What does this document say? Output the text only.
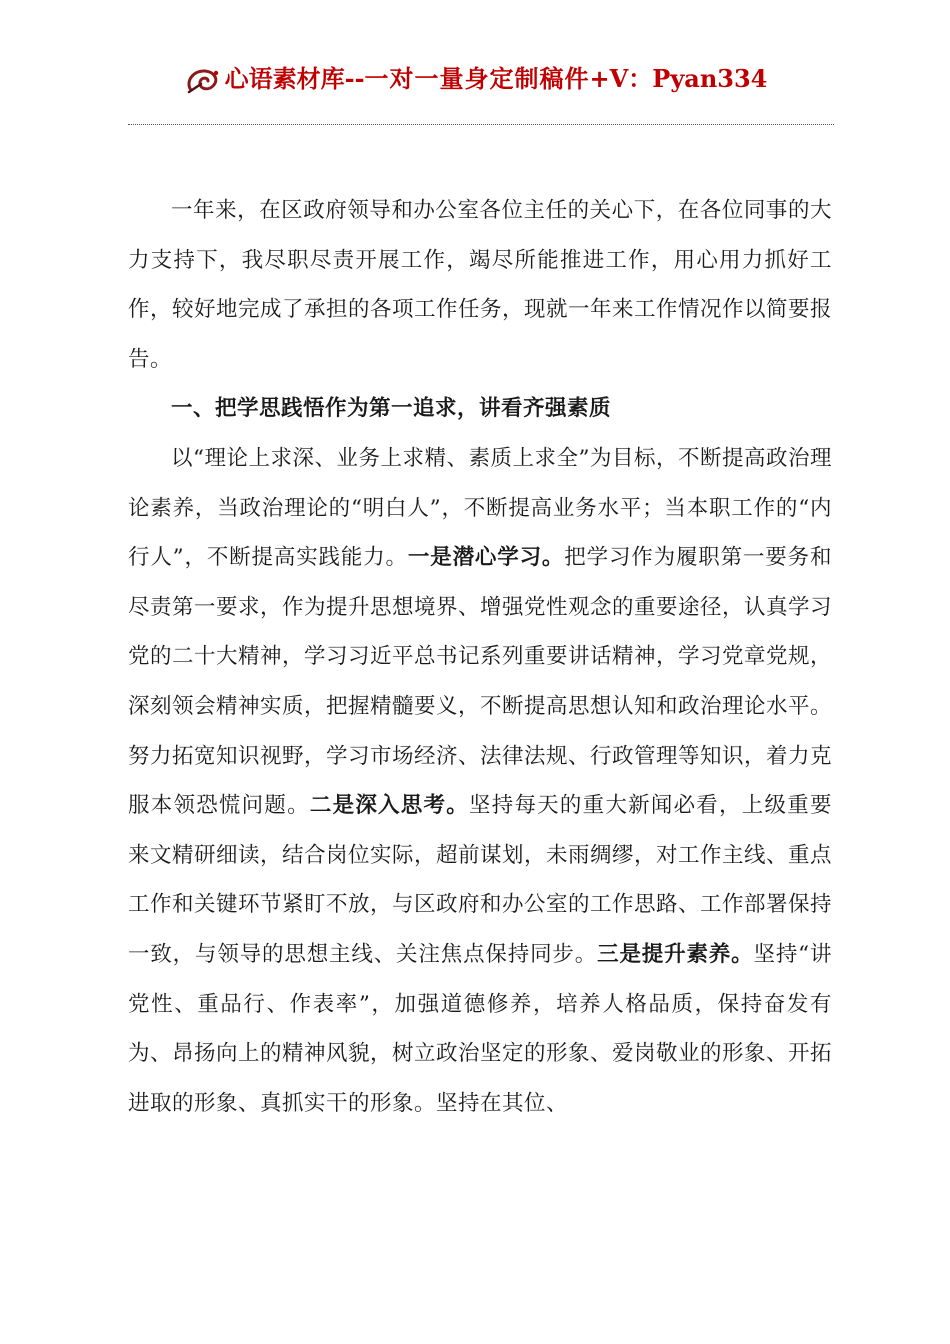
心语素材库--一对一量身定制稿件+V：Pyan334

一年来，在区政府领导和办公室各位主任的关心下，在各位同事的大力支持下，我尽职尽责开展工作，竭尽所能推进工作，用心用力抓好工作，较好地完成了承担的各项工作任务，现就一年来工作情况作以简要报告。

一、把学思践悟作为第一追求，讲看齐强素质

以“理论上求深、业务上求精、素质上求全”为目标，不断提高政治理论素养，当政治理论的“明白人”，不断提高业务水平；当本职工作的“内行人”，不断提高实践能力。一是潜心学习。把学习作为履职第一要务和尽责第一要求，作为提升思想境界、增强党性观念的重要途径，认真学习党的二十大精神，学习习近平总书记系列重要讲话精神，学习党章党规，深刻领会精神实质，把握精髓要义，不断提高思想认知和政治理论水平。努力拓宽知识视野，学习市场经济、法律法规、行政管理等知识，着力克服本领恐慌问题。二是深入思考。坚持每天的重大新闻必看，上级重要来文精研细读，结合岗位实际，超前谋划，未雨绸缪，对工作主线、重点工作和关键环节紧盯不放，与区政府和办公室的工作思路、工作部署保持一致，与领导的思想主线、关注焦点保持同步。三是提升素养。坚持“讲党性、重品行、作表率”，加强道德修养，培养人格品质，保持奋发有为、昂扬向上的精神风貌，树立政治坚定的形象、爱岗敬业的形象、开拓进取的形象、真抓实干的形象。坚持在其位、
